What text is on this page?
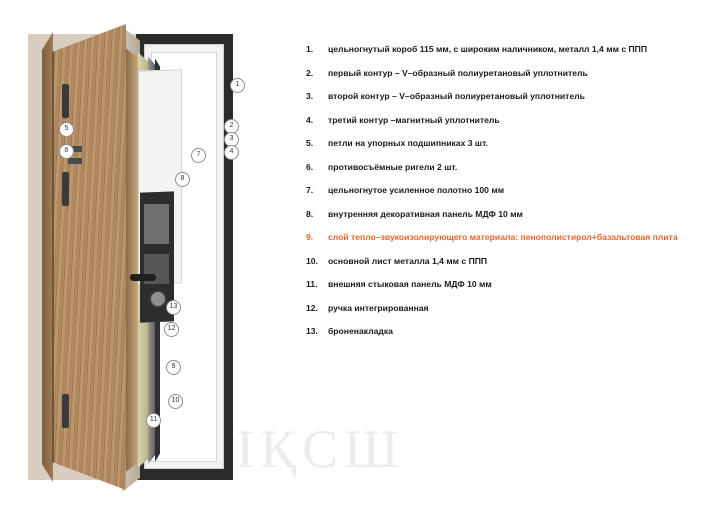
1
2
3
4
5
6
7
8
9
10
11
12
13
ІҚСШ
1.	цельногнутый короб 115 мм, с широким наличником, металл 1,4 мм с ППП
2.	первый контур – V–образный полиуретановый уплотнитель
3.	второй контур – V–образный полиуретановый уплотнитель
4.	третий контур –магнитный уплотнитель
5.	петли на упорных подшипниках 3 шт.
6.	противосъёмные ригели 2 шт.
7.	цельногнутое усиленное полотно 100 мм
8.	внутренняя декоративная панель МДФ 10 мм
9.	слой тепло–звукоизолирующего материала: пенополистирол+базальтовая плита
10.	основной лист металла 1,4 мм с ППП
11.	внешняя стыковая панель МДФ 10 мм
12.	ручка интегрированная
13.	броненакладка
